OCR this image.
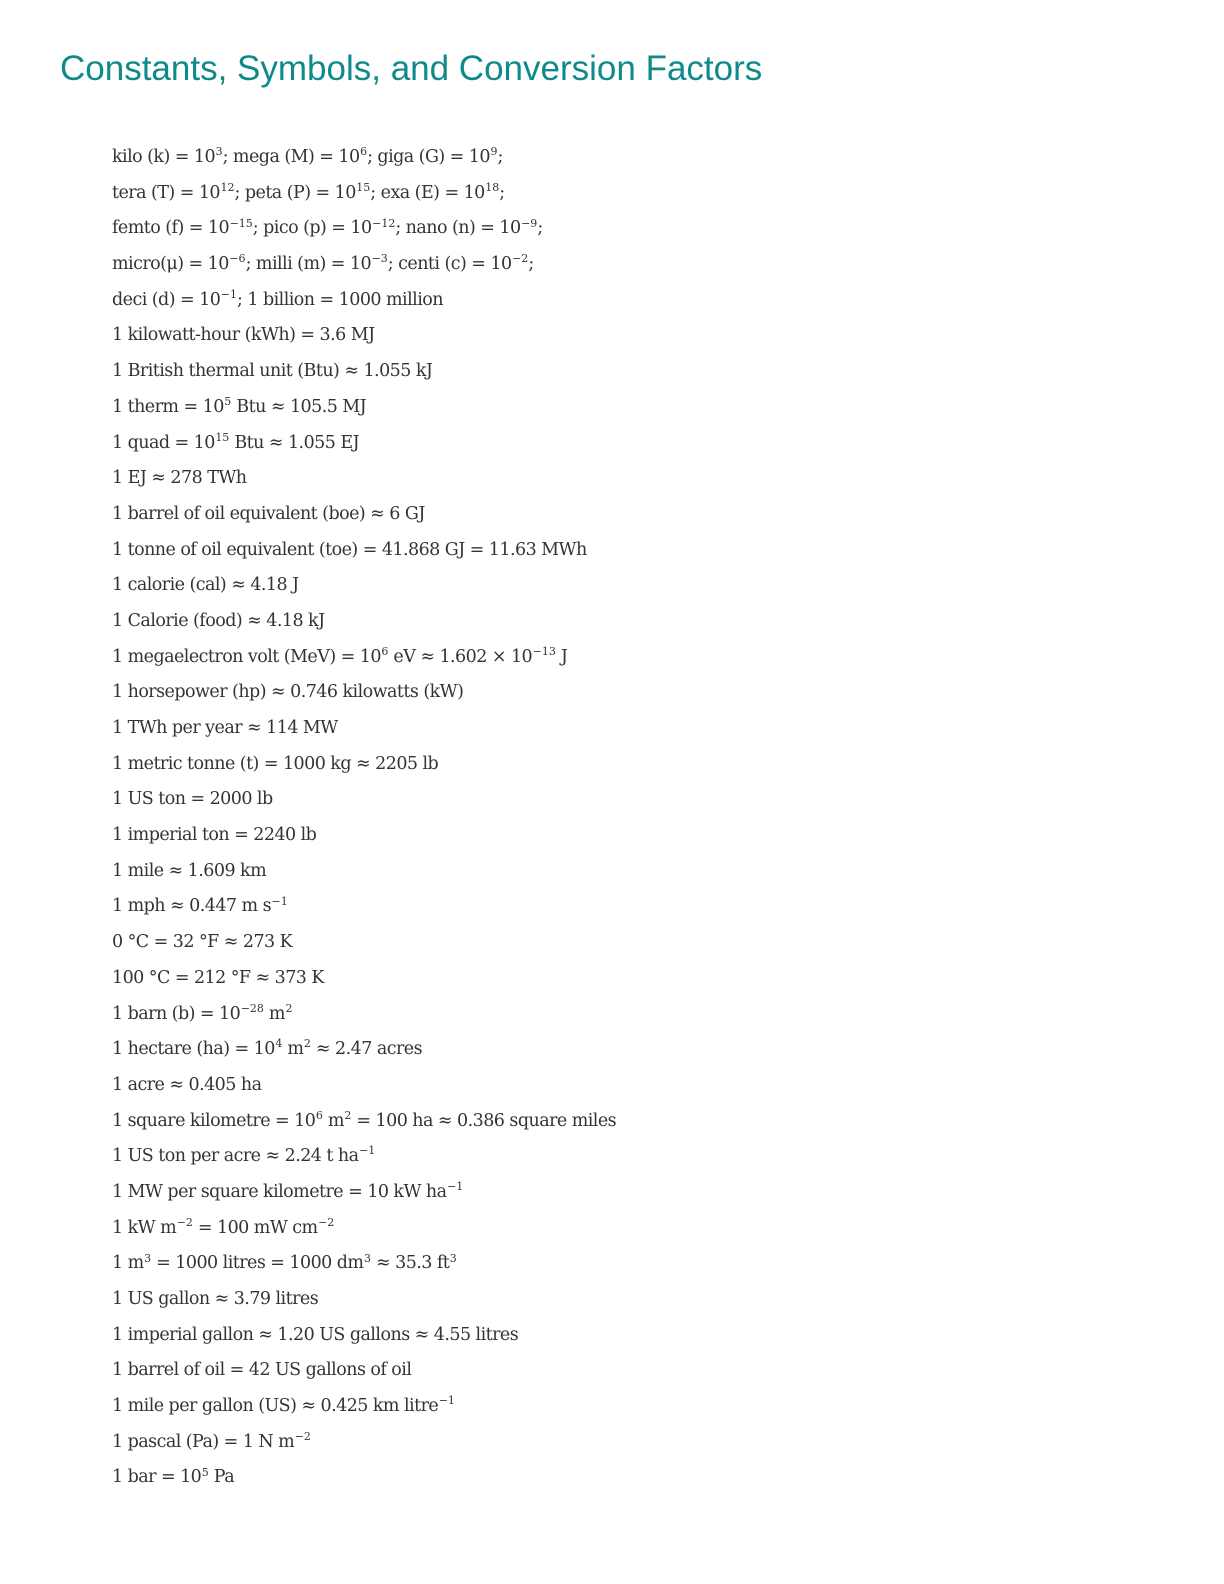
Constants, Symbols, and Conversion Factors
kilo $(k) = 10^3$; mega $(M) = 10^6$; giga $(G) = 10^9$;
tera $(T) = 10^{12}$; peta $(P) = 10^{15}$; exa $(E) = 10^{18}$;
femto $(f) = 10^{-15}$; pico $(p) = 10^{-12}$; nano $(n) = 10^{-9}$;
micro(μ) = $10^{-6}$; milli $(m) = 10^{-3}$; centi $(c) = 10^{-2}$;
deci $(d) = 10^{-1}$; 1 billion = 1000 million
1 kilowatt-hour (kWh) = 3.6 MJ
1 British thermal unit (Btu) ≈ 1.055 kJ
1 therm = $10^5$ Btu ≈ 105.5 MJ
1 quad = $10^{15}$ Btu ≈ 1.055 EJ
1 EJ ≈ 278 TWh
1 barrel of oil equivalent (boe) ≈ 6 GJ
1 tonne of oil equivalent (toe) = 41.868 GJ = 11.63 MWh
1 calorie (cal) ≈ 4.18 J
1 Calorie (food) ≈ 4.18 kJ
1 megaelectron volt $(MeV) = 10^6$ eV ≈ $1.602 \times 10^{-13}$ J
1 horsepower (hp) ≈ 0.746 kilowatts (kW)
1 TWh per year ≈ 114 MW
1 metric tonne (t) = 1000 kg ≈ 2205 lb
1 US ton = 2000 lb
1 imperial ton = 2240 lb
1 mile ≈ 1.609 km
1 mph ≈ 0.447 m $s^{-1}$
0 °C = 32 °F ≈ 273 K
100 °C = 212 °F ≈ 373 K
1 barn $(b) = 10^{-28}$ $m^2$
1 hectare $(ha) = 10^4$ $m^2 \approx 2.47$ acres
1 acre ≈ 0.405 ha
1 square kilometre = $10^6$ $m^2 = 100$ ha ≈ 0.386 square miles
1 US ton per acre ≈ 2.24 t $ha^{-1}$
1 MW per square kilometre = 10 kW $ha^{-1}$
1 kW $m^{-2} = 100$ mW $cm^{-2}$
1 $m^3 = 1000$ litres = 1000 $dm^3 \approx 35.3$ $ft^3$
1 US gallon ≈ 3.79 litres
1 imperial gallon ≈ 1.20 US gallons ≈ 4.55 litres
1 barrel of oil = 42 US gallons of oil
1 mile per gallon (US) ≈ 0.425 km litre$^{-1}$
1 pascal (Pa) = 1 N $m^{-2}$
1 bar = $10^5$ Pa
